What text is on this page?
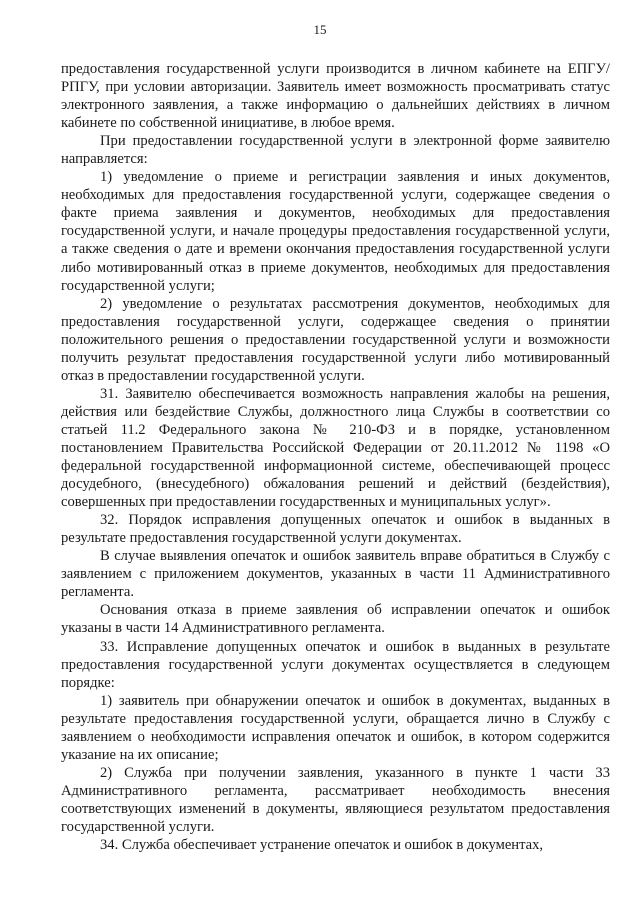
15

предоставления государственной услуги производится в личном кабинете на ЕПГУ/РПГУ, при условии авторизации. Заявитель имеет возможность просматривать статус электронного заявления, а также информацию о дальнейших действиях в личном кабинете по собственной инициативе, в любое время.

При предоставлении государственной услуги в электронной форме заявителю направляется:

1) уведомление о приеме и регистрации заявления и иных документов, необходимых для предоставления государственной услуги, содержащее сведения о факте приема заявления и документов, необходимых для предоставления государственной услуги, и начале процедуры предоставления государственной услуги, а также сведения о дате и времени окончания предоставления государственной услуги либо мотивированный отказ в приеме документов, необходимых для предоставления государственной услуги;

2) уведомление о результатах рассмотрения документов, необходимых для предоставления государственной услуги, содержащее сведения о принятии положительного решения о предоставлении государственной услуги и возможности получить результат предоставления государственной услуги либо мотивированный отказ в предоставлении государственной услуги.

31. Заявителю обеспечивается возможность направления жалобы на решения, действия или бездействие Службы, должностного лица Службы в соответствии со статьей 11.2 Федерального закона № 210-ФЗ и в порядке, установленном постановлением Правительства Российской Федерации от 20.11.2012 № 1198 «О федеральной государственной информационной системе, обеспечивающей процесс досудебного, (внесудебного) обжалования решений и действий (бездействия), совершенных при предоставлении государственных и муниципальных услуг».

32. Порядок исправления допущенных опечаток и ошибок в выданных в результате предоставления государственной услуги документах.

В случае выявления опечаток и ошибок заявитель вправе обратиться в Службу с заявлением с приложением документов, указанных в части 11 Административного регламента.

Основания отказа в приеме заявления об исправлении опечаток и ошибок указаны в части 14 Административного регламента.

33. Исправление допущенных опечаток и ошибок в выданных в результате предоставления государственной услуги документах осуществляется в следующем порядке:

1) заявитель при обнаружении опечаток и ошибок в документах, выданных в результате предоставления государственной услуги, обращается лично в Службу с заявлением о необходимости исправления опечаток и ошибок, в котором содержится указание на их описание;

2) Служба при получении заявления, указанного в пункте 1 части 33 Административного регламента, рассматривает необходимость внесения соответствующих изменений в документы, являющиеся результатом предоставления государственной услуги.

34. Служба обеспечивает устранение опечаток и ошибок в документах,
